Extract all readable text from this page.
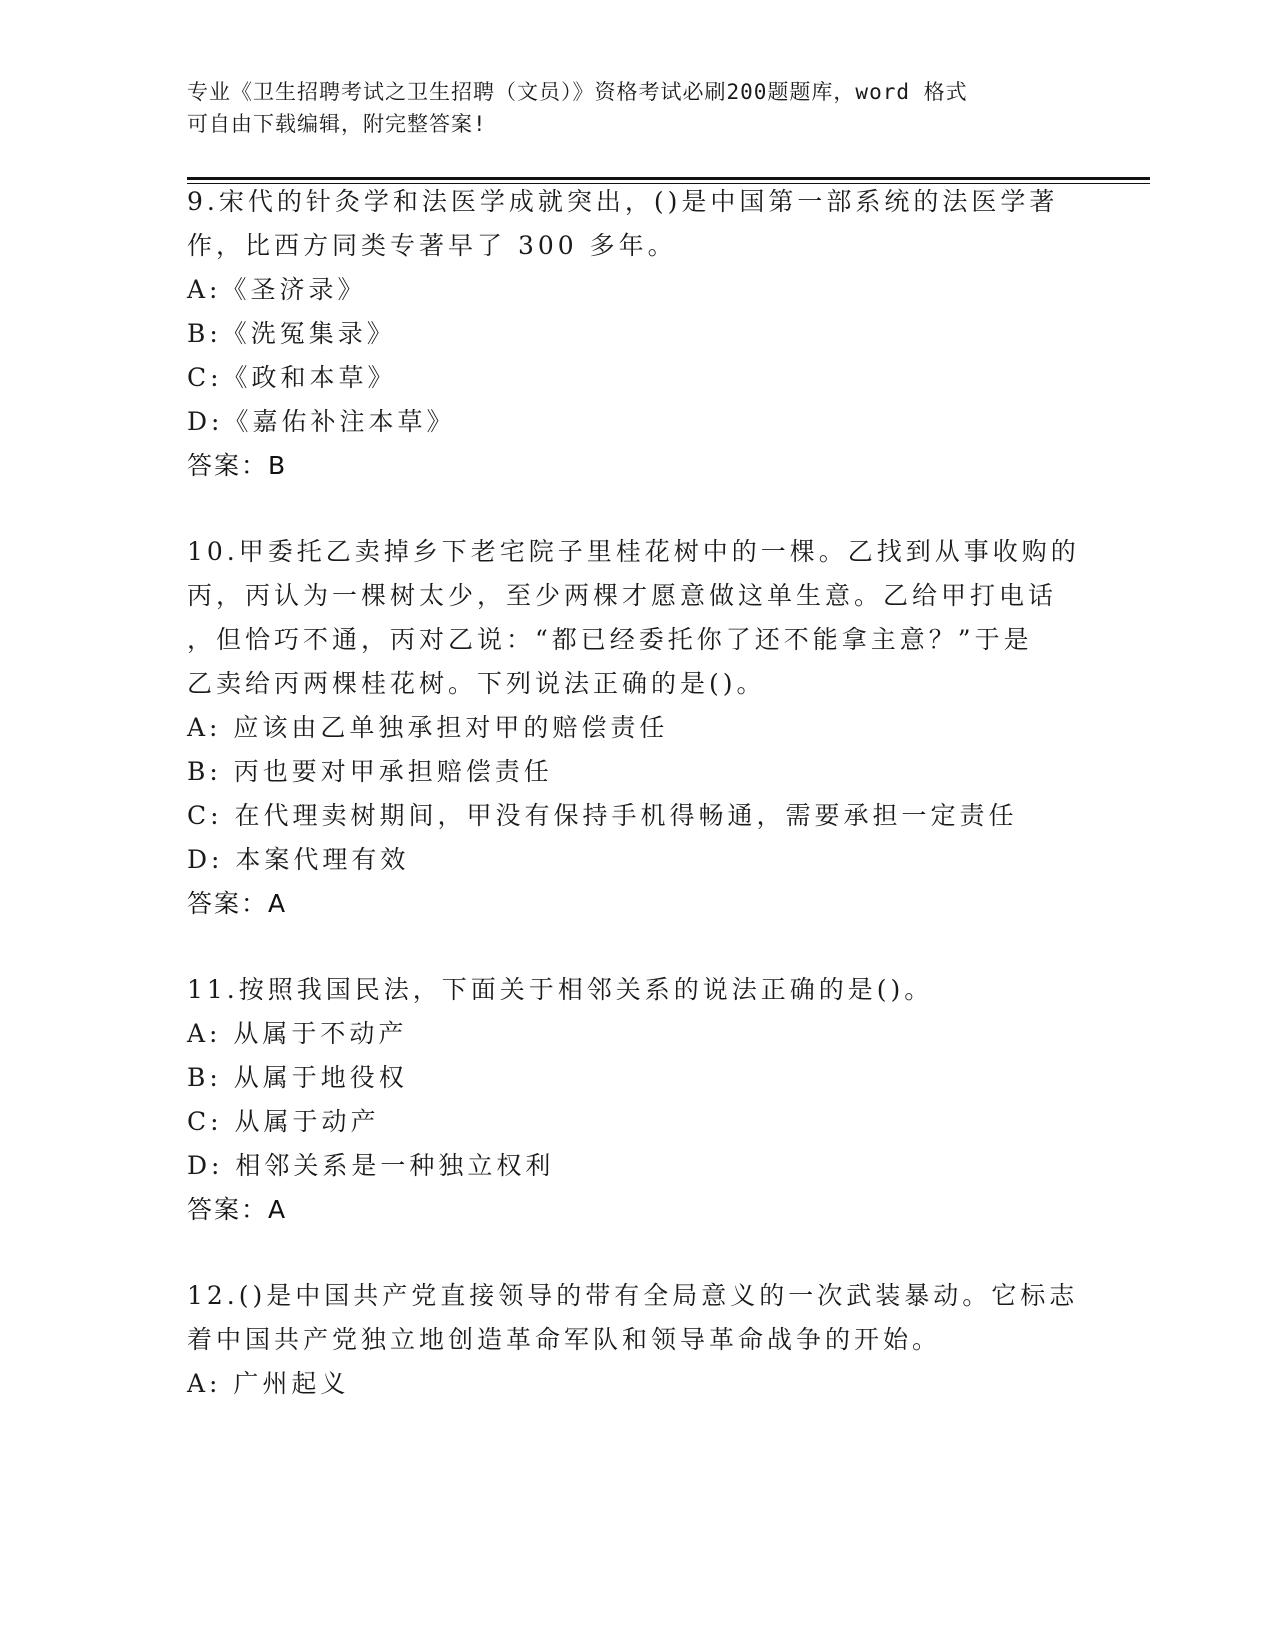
专业《卫生招聘考试之卫生招聘（文员）》资格考试必刷200题题库，word 格式
可自由下载编辑，附完整答案!
9.宋代的针灸学和法医学成就突出，()是中国第一部系统的法医学著
作，比西方同类专著早了 300 多年。
A:《圣济录》
B:《洗冤集录》
C:《政和本草》
D:《嘉佑补注本草》
答案：B
10.甲委托乙卖掉乡下老宅院子里桂花树中的一棵。乙找到从事收购的
丙，丙认为一棵树太少，至少两棵才愿意做这单生意。乙给甲打电话
，但恰巧不通，丙对乙说：“都已经委托你了还不能拿主意？”于是
乙卖给丙两棵桂花树。下列说法正确的是()。
A: 应该由乙单独承担对甲的赔偿责任
B: 丙也要对甲承担赔偿责任
C: 在代理卖树期间，甲没有保持手机得畅通，需要承担一定责任
D: 本案代理有效
答案：A
11.按照我国民法，下面关于相邻关系的说法正确的是()。
A: 从属于不动产
B: 从属于地役权
C: 从属于动产
D: 相邻关系是一种独立权利
答案：A
12.()是中国共产党直接领导的带有全局意义的一次武装暴动。它标志
着中国共产党独立地创造革命军队和领导革命战争的开始。
A: 广州起义
